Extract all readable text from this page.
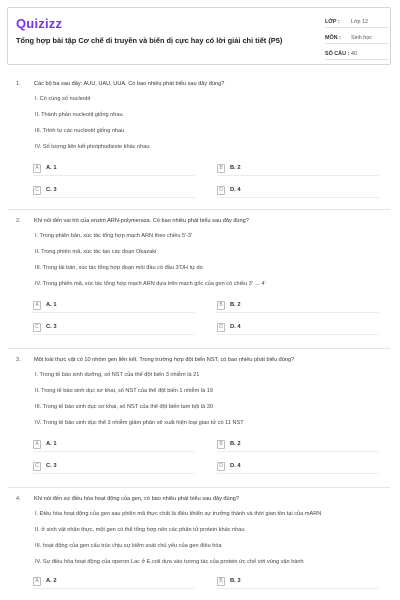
Quizizz
Tổng hợp bài tập Cơ chế di truyền và biến dị cực hay có lời giải chi tiết (P5)
LỚP :	Lớp 12
MÔN :	Sinh học
SỐ CÂU : 40
1.	Các bộ ba sau đây: AUU, UAU, UUA. Có bao nhiêu phát biểu sau đây đúng?
I. Có cùng số nucleotit
II. Thành phần nucleotit giống nhau
III. Trình tự các nucleotit giống nhau
IV. Số lượng liên kết photphodieste khác nhau
A	A. 1	B	B. 2
C	C. 3	D	D. 4
2.	Khi nói đến vai trò của enzim ARN-polymeraza. Có bao nhiêu phát biểu sau đây đúng?
I. Trong phiên bản, xúc tác tổng hợp mạch ARN theo chiều 5'-3'
II. Trong phiên mã, xúc tác tạo các đoạn Okazaki
III. Trong tái bản, xúc tác tổng hợp đoạn mồi đầu có đầu 3'OH tự do
IV. Trong phiên mã, xúc tác tổng hợp mạch ARN dựa trên mạch gốc của gen có chiều 3' → 4'
A	A. 1	B	B. 2
C	C. 3	D	D. 4
3.	Một loài thực vật có 10 nhóm gen liên kết. Trong trường hợp đột biến NST, có bao nhiêu phát biểu đúng?
I. Trong tế bào sinh dưỡng, số NST của thể đột biến 3 nhiễm là 21
II. Trong tế bào sinh dục sơ khai, số NST của thể đột biến 1 nhiễm là 19
III. Trong tế bào sinh dục sơ khai, số NST của thể đột biến tam bội là 30
IV. Trong tế bào sinh dục thể 3 nhiễm giảm phân sẽ xuất hiện loại giao tử có 11 NST
A	A. 1	B	B. 2
C	C. 3	D	D. 4
4.	Khi nói đến sự điều hòa hoạt động của gen, có bao nhiêu phát biểu sau đây đúng?
I. Điều hòa hoạt động của gen sau phiên mã thực chất là điều khiển sự trưởng thành và thời gian tồn tại của mARN
II. ở sinh vật nhân thực, một gen có thể tổng hợp nên các phân tử protein khác nhau
III. hoạt động của gen cấu trúc chịu sự kiểm soát chủ yếu của gen điều hòa
IV. Sự điều hòa hoạt động của operon Lac ở E.coli dựa vào tương tác của protein ức chế với vùng vận hành
A	A. 2	B	B. 3
